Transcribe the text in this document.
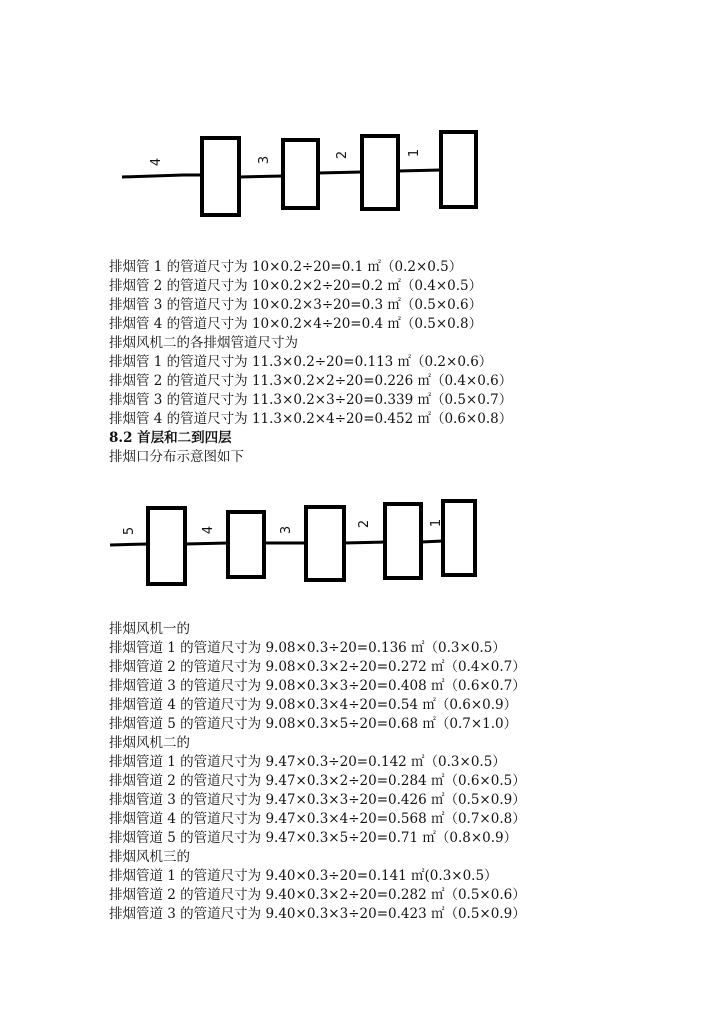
4	3
2	1
排烟管 1 的管道尺寸为 10×0.2÷20=0.1 ㎡（0.2×0.5）
排烟管 2 的管道尺寸为 10×0.2×2÷20=0.2 ㎡（0.4×0.5）
排烟管 3 的管道尺寸为 10×0.2×3÷20=0.3 ㎡（0.5×0.6）
排烟管 4 的管道尺寸为 10×0.2×4÷20=0.4 ㎡（0.5×0.8）
排烟风机二的各排烟管道尺寸为
排烟管 1 的管道尺寸为 11.3×0.2÷20=0.113 ㎡（0.2×0.6）
排烟管 2 的管道尺寸为 11.3×0.2×2÷20=0.226 ㎡（0.4×0.6）
排烟管 3 的管道尺寸为 11.3×0.2×3÷20=0.339 ㎡（0.5×0.7）
排烟管 4 的管道尺寸为 11.3×0.2×4÷20=0.452 ㎡（0.6×0.8）
8.2 首层和二到四层
排烟口分布示意图如下
5	4	3
2	1
排烟风机一的
排烟管道 1 的管道尺寸为 9.08×0.3÷20=0.136 ㎡（0.3×0.5）
排烟管道 2 的管道尺寸为 9.08×0.3×2÷20=0.272 ㎡（0.4×0.7）
排烟管道 3 的管道尺寸为 9.08×0.3×3÷20=0.408 ㎡（0.6×0.7）
排烟管道 4 的管道尺寸为 9.08×0.3×4÷20=0.54 ㎡（0.6×0.9）
排烟管道 5 的管道尺寸为 9.08×0.3×5÷20=0.68 ㎡（0.7×1.0）
排烟风机二的
排烟管道 1 的管道尺寸为 9.47×0.3÷20=0.142 ㎡（0.3×0.5）
排烟管道 2 的管道尺寸为 9.47×0.3×2÷20=0.284 ㎡（0.6×0.5）
排烟管道 3 的管道尺寸为 9.47×0.3×3÷20=0.426 ㎡（0.5×0.9）
排烟管道 4 的管道尺寸为 9.47×0.3×4÷20=0.568 ㎡（0.7×0.8）
排烟管道 5 的管道尺寸为 9.47×0.3×5÷20=0.71 ㎡（0.8×0.9）
排烟风机三的
排烟管道 1 的管道尺寸为 9.40×0.3÷20=0.141 ㎡(0.3×0.5）
排烟管道 2 的管道尺寸为 9.40×0.3×2÷20=0.282 ㎡（0.5×0.6）
排烟管道 3 的管道尺寸为 9.40×0.3×3÷20=0.423 ㎡（0.5×0.9）
